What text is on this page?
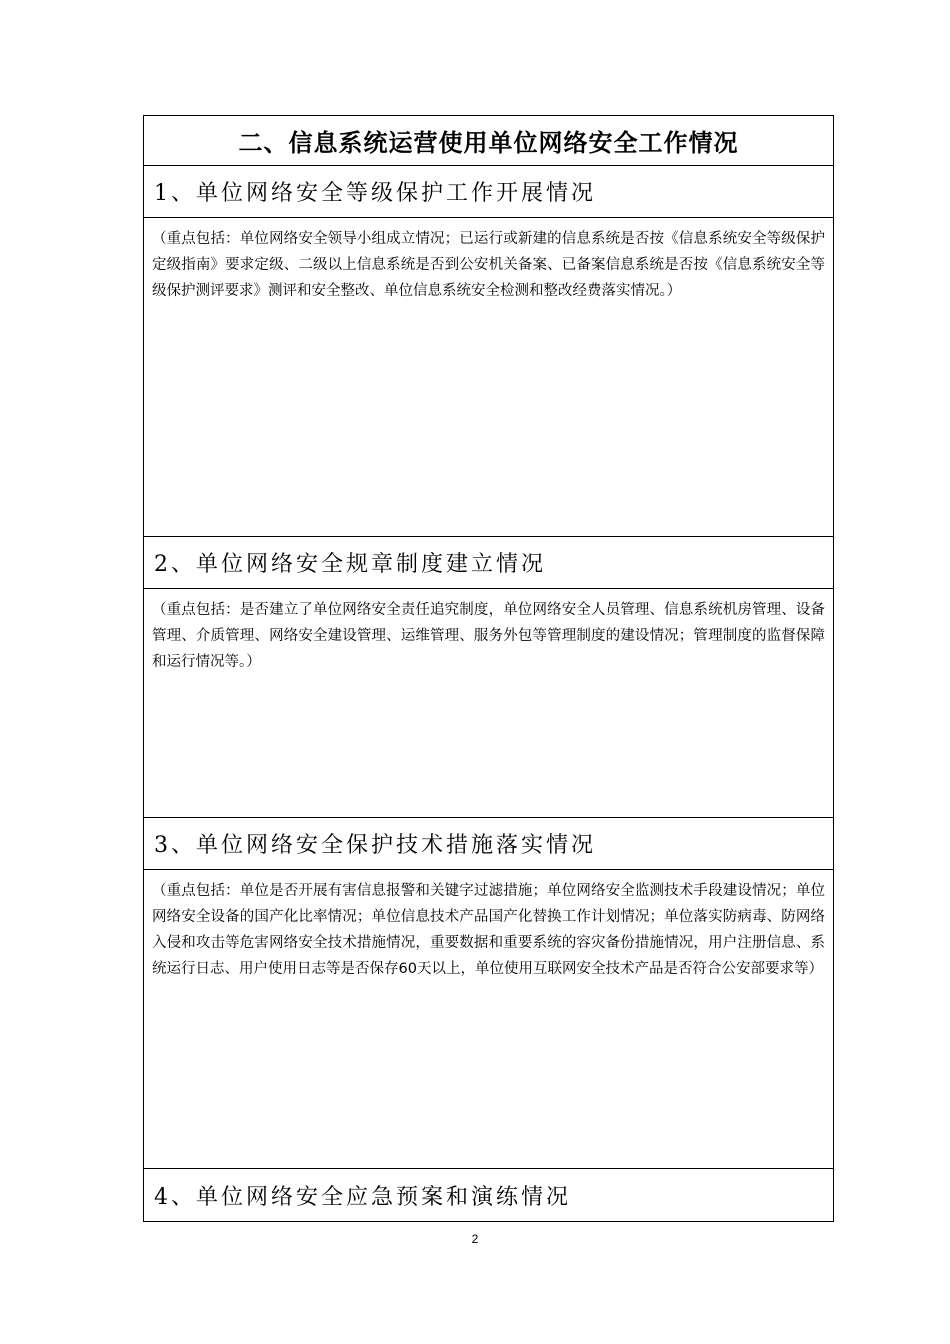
二、信息系统运营使用单位网络安全工作情况
1、单位网络安全等级保护工作开展情况
（重点包括：单位网络安全领导小组成立情况；已运行或新建的信息系统是否按《信息系统安全等级保护定级指南》要求定级、二级以上信息系统是否到公安机关备案、已备案信息系统是否按《信息系统安全等级保护测评要求》测评和安全整改、单位信息系统安全检测和整改经费落实情况。）
2、单位网络安全规章制度建立情况
（重点包括：是否建立了单位网络安全责任追究制度，单位网络安全人员管理、信息系统机房管理、设备管理、介质管理、网络安全建设管理、运维管理、服务外包等管理制度的建设情况；管理制度的监督保障和运行情况等。）
3、单位网络安全保护技术措施落实情况
（重点包括：单位是否开展有害信息报警和关键字过滤措施；单位网络安全监测技术手段建设情况；单位网络安全设备的国产化比率情况；单位信息技术产品国产化替换工作计划情况；单位落实防病毒、防网络入侵和攻击等危害网络安全技术措施情况，重要数据和重要系统的容灾备份措施情况，用户注册信息、系统运行日志、用户使用日志等是否保存60天以上，单位使用互联网安全技术产品是否符合公安部要求等）
4、单位网络安全应急预案和演练情况
2
